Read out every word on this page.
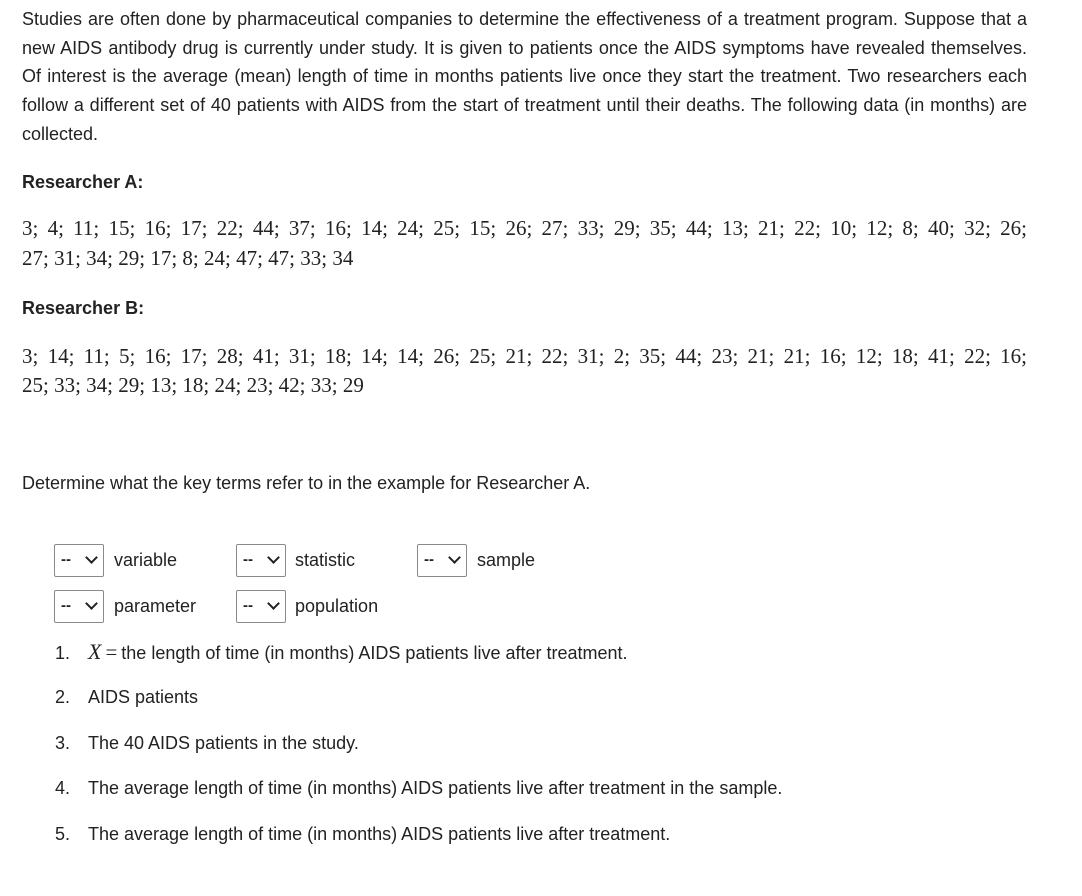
Studies are often done by pharmaceutical companies to determine the effectiveness of a treatment program. Suppose that a new AIDS antibody drug is currently under study. It is given to patients once the AIDS symptoms have revealed themselves. Of interest is the average (mean) length of time in months patients live once they start the treatment. Two researchers each follow a different set of 40 patients with AIDS from the start of treatment until their deaths. The following data (in months) are collected.

Researcher A:

3; 4; 11; 15; 16; 17; 22; 44; 37; 16; 14; 24; 25; 15; 26; 27; 33; 29; 35; 44; 13; 21; 22; 10; 12; 8; 40; 32; 26;

27; 31; 34; 29; 17; 8; 24; 47; 47; 33; 34

Researcher B:

3; 14; 11; 5; 16; 17; 28; 41; 31; 18; 14; 14; 26; 25; 21; 22; 31; 2; 35; 44; 23; 21; 21; 16; 12; 18; 41; 22; 16;

25; 33; 34; 29; 13; 18; 24; 23; 42; 33; 29

Determine what the key terms refer to in the example for Researcher A.
-- variable	-- statistic	-- sample
-- parameter	-- population
1. X = the length of time (in months) AIDS patients live after treatment.
2. AIDS patients
3. The 40 AIDS patients in the study.
4. The average length of time (in months) AIDS patients live after treatment in the sample.
5. The average length of time (in months) AIDS patients live after treatment.
